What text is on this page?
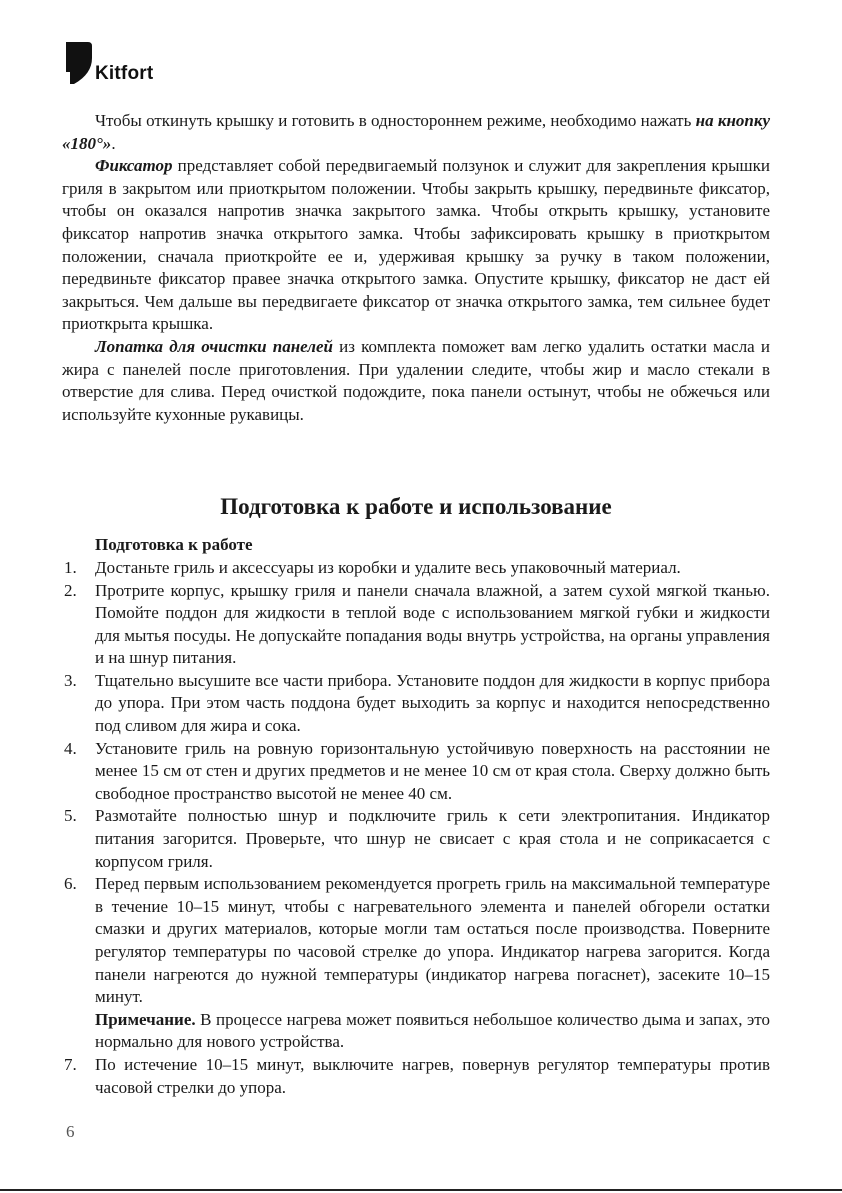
Kitfort

Чтобы откинуть крышку и готовить в одностороннем режиме, необходимо нажать на кнопку «180°».

Фиксатор представляет собой передвигаемый ползунок и служит для закрепления крышки гриля в закрытом или приоткрытом положении. Чтобы закрыть крышку, передвиньте фиксатор, чтобы он оказался напротив значка закрытого замка. Чтобы открыть крышку, установите фиксатор напротив значка открытого замка. Чтобы зафиксировать крышку в приоткрытом положении, сначала приоткройте ее и, удерживая крышку за ручку в таком положении, передвиньте фиксатор правее значка открытого замка. Опустите крышку, фиксатор не даст ей закрыться. Чем дальше вы передвигаете фиксатор от значка открытого замка, тем сильнее будет приоткрыта крышка.

Лопатка для очистки панелей из комплекта поможет вам легко удалить остатки масла и жира с панелей после приготовления. При удалении следите, чтобы жир и масло стекали в отверстие для слива. Перед очисткой подождите, пока панели остынут, чтобы не обжечься или используйте кухонные рукавицы.

Подготовка к работе и использование
Подготовка к работе
1. Достаньте гриль и аксессуары из коробки и удалите весь упаковочный материал.
2. Протрите корпус, крышку гриля и панели сначала влажной, а затем сухой мягкой тканью. Помойте поддон для жидкости в теплой воде с использованием мягкой губки и жидкости для мытья посуды. Не допускайте попадания воды внутрь устройства, на органы управления и на шнур питания.
3. Тщательно высушите все части прибора. Установите поддон для жидкости в корпус прибора до упора. При этом часть поддона будет выходить за корпус и находится непосредственно под сливом для жира и сока.
4. Установите гриль на ровную горизонтальную устойчивую поверхность на расстоянии не менее 15 см от стен и других предметов и не менее 10 см от края стола. Сверху должно быть свободное пространство высотой не менее 40 см.
5. Размотайте полностью шнур и подключите гриль к сети электропитания. Индикатор питания загорится. Проверьте, что шнур не свисает с края стола и не соприкасается с корпусом гриля.
6. Перед первым использованием рекомендуется прогреть гриль на максимальной температуре в течение 10–15 минут, чтобы с нагревательного элемента и панелей обгорели остатки смазки и других материалов, которые могли там остаться после производства. Поверните регулятор температуры по часовой стрелке до упора. Индикатор нагрева загорится. Когда панели нагреются до нужной температуры (индикатор нагрева погаснет), засеките 10–15 минут.
Примечание. В процессе нагрева может появиться небольшое количество дыма и запах, это нормально для нового устройства.
7. По истечение 10–15 минут, выключите нагрев, повернув регулятор температуры против часовой стрелки до упора.
6
